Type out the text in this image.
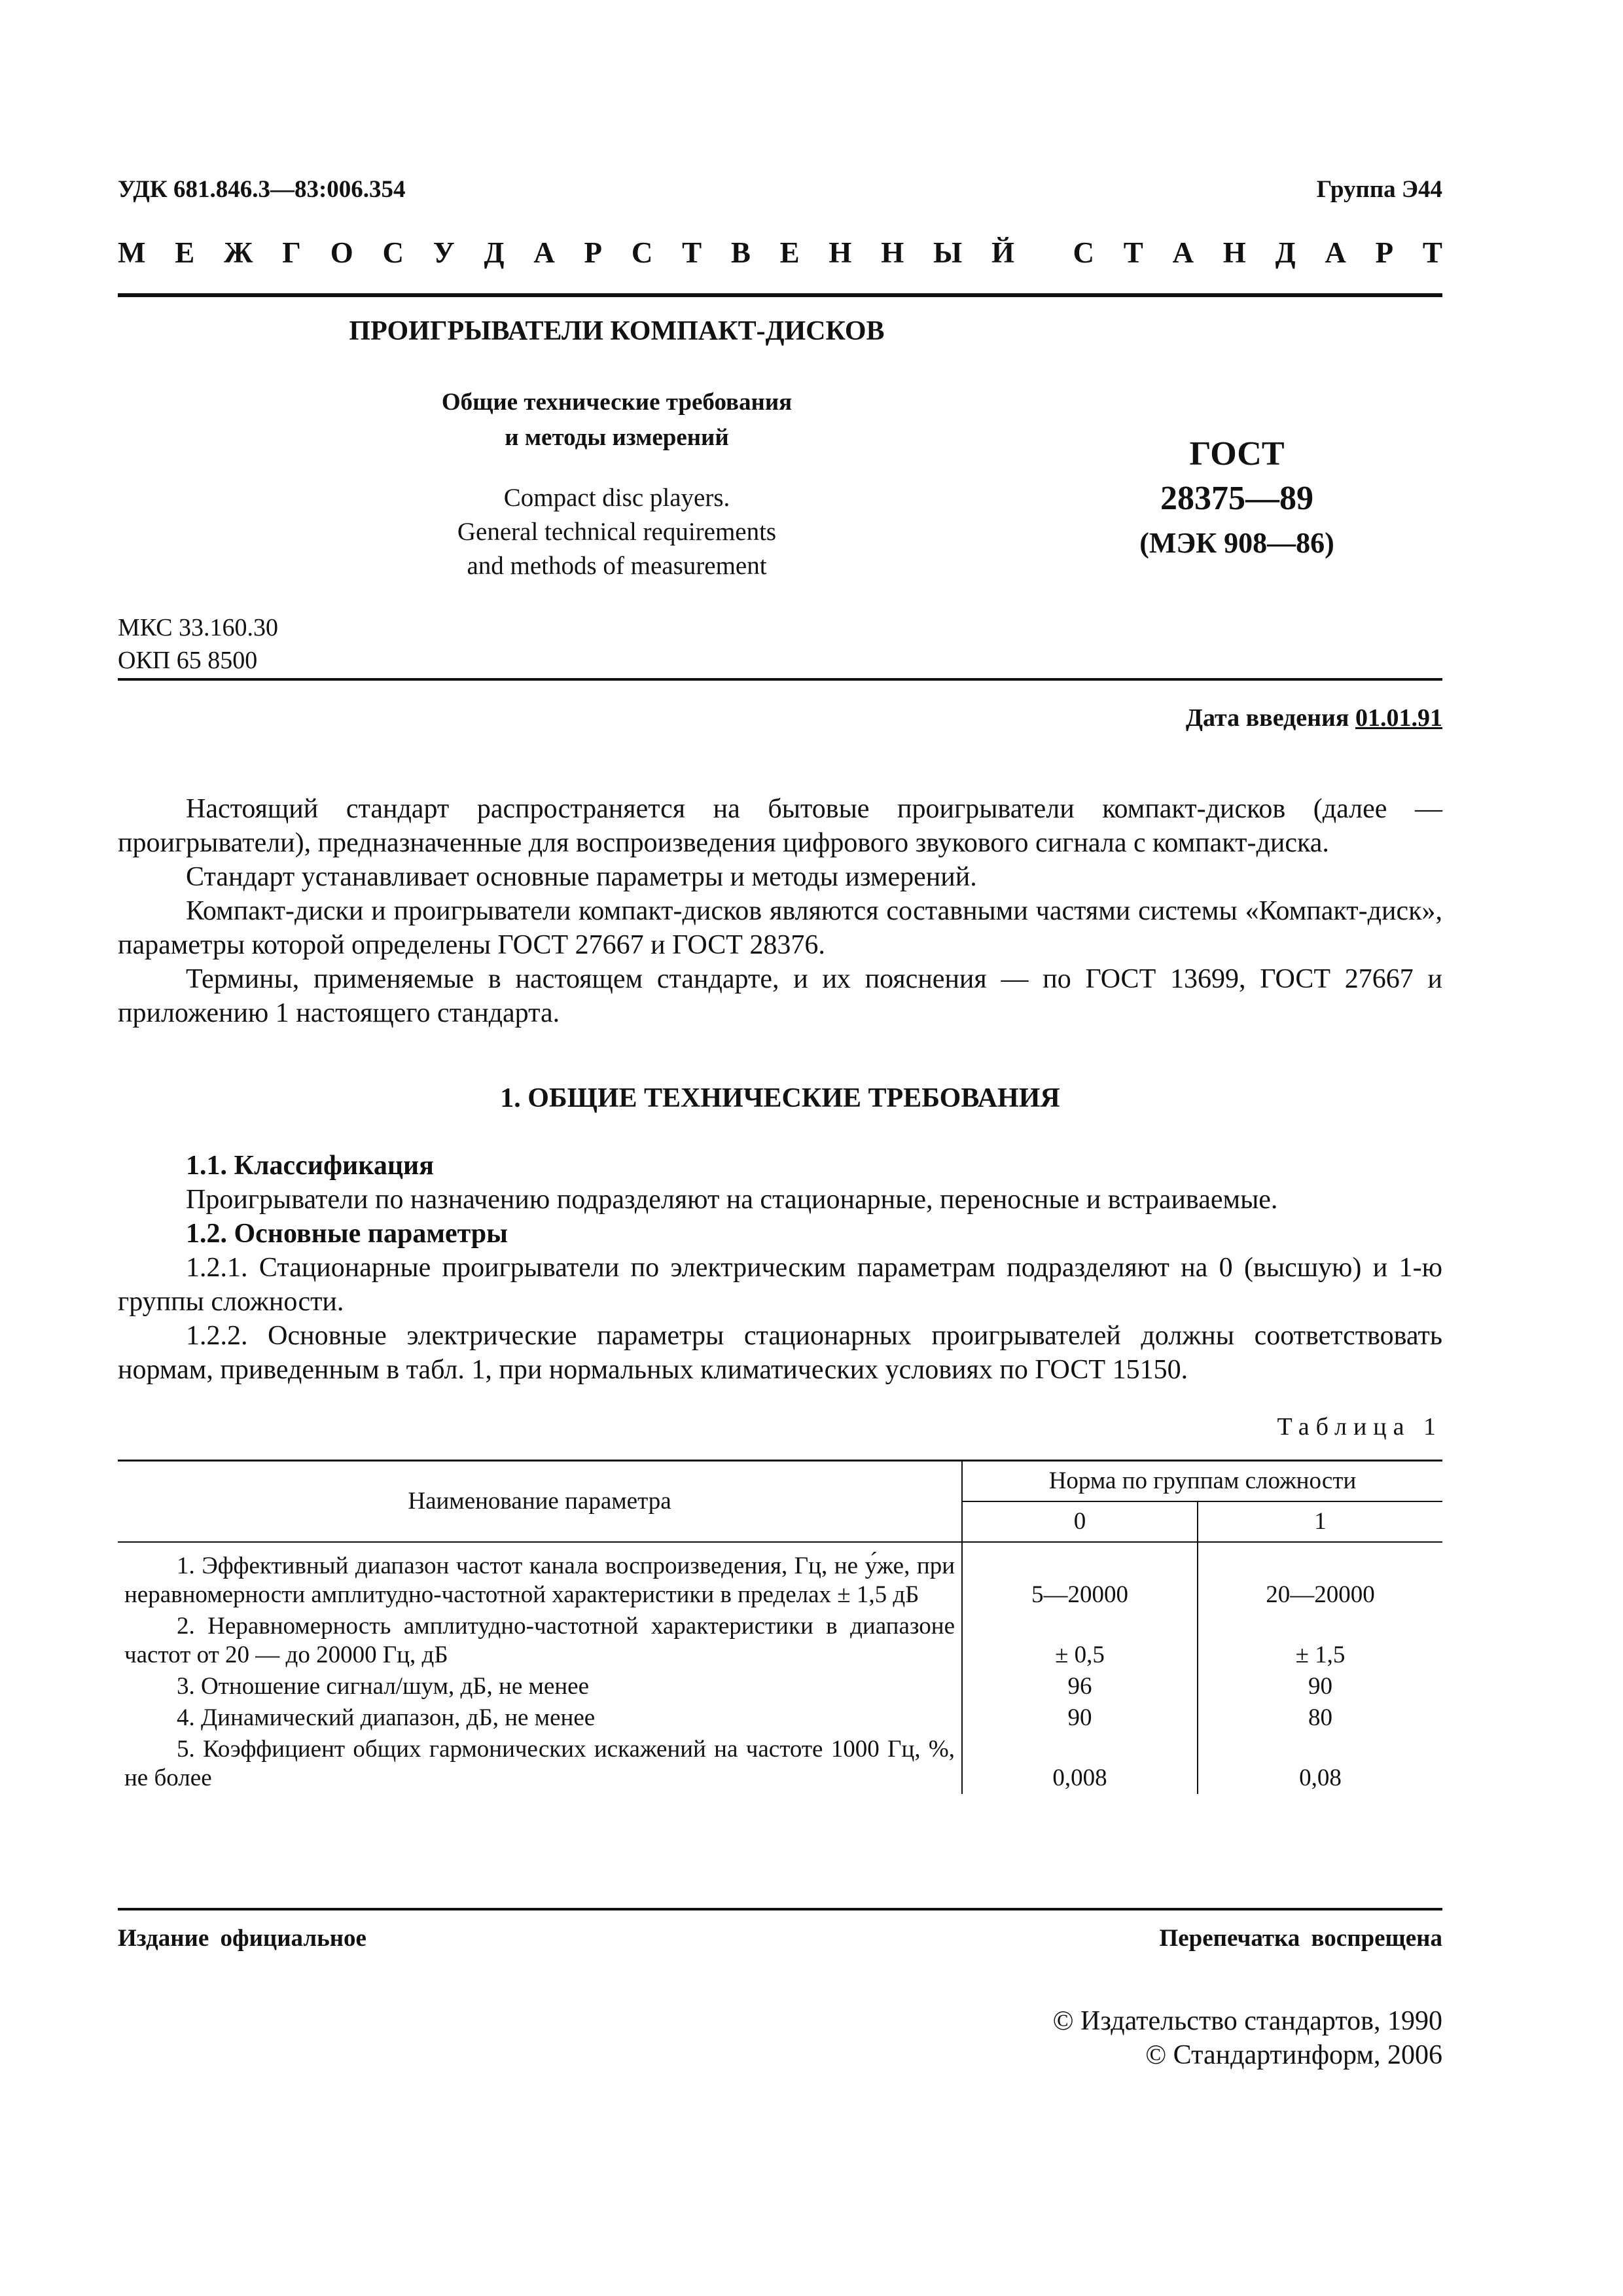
УДК 681.846.3—83:006.354	Группа Э44
М Е Ж Г О С У Д А Р С Т В Е Н Н Ы Й С Т А Н Д А Р Т
ПРОИГРЫВАТЕЛИ КОМПАКТ-ДИСКОВ
Общие технические требования
и методы измерений
Compact disc players.
General technical requirements
and methods of measurement
ГОСТ
28375—89
(МЭК 908—86)
МКС 33.160.30
ОКП 65 8500
Дата введения 01.01.91

Настоящий стандарт распространяется на бытовые проигрыватели компакт-дисков (далее — проигрыватели), предназначенные для воспроизведения цифрового звукового сигнала с компакт-диска.

Стандарт устанавливает основные параметры и методы измерений.

Компакт-диски и проигрыватели компакт-дисков являются составными частями системы «Компакт-диск», параметры которой определены ГОСТ 27667 и ГОСТ 28376.

Термины, применяемые в настоящем стандарте, и их пояснения — по ГОСТ 13699, ГОСТ 27667 и приложению 1 настоящего стандарта.

1. ОБЩИЕ ТЕХНИЧЕСКИЕ ТРЕБОВАНИЯ

1.1. Классификация

Проигрыватели по назначению подразделяют на стационарные, переносные и встраиваемые.

1.2. Основные параметры

1.2.1. Стационарные проигрыватели по электрическим параметрам подразделяют на 0 (высшую) и 1-ю группы сложности.

1.2.2. Основные электрические параметры стационарных проигрывателей должны соответствовать нормам, приведенным в табл. 1, при нормальных климатических условиях по ГОСТ 15150.

Таблица 1
Наименование параметра	Норма по группам сложности	
	0	1
1. Эффективный диапазон частот канала воспроизведения, Гц, не у́же, при неравномерности амплитудно-частотной характеристики в пределах ± 1,5 дБ	5—20000	20—20000
2. Неравномерность амплитудно-частотной характеристики в диапазоне частот от 20 — до 20000 Гц, дБ	± 0,5	± 1,5
3. Отношение сигнал/шум, дБ, не менее	96	90
4. Динамический диапазон, дБ, не менее	90	80
5. Коэффициент общих гармонических искажений на частоте 1000 Гц, %, не более	0,008	0,08
Издание официальное	Перепечатка воспрещена
© Издательство стандартов, 1990
© Стандартинформ, 2006
